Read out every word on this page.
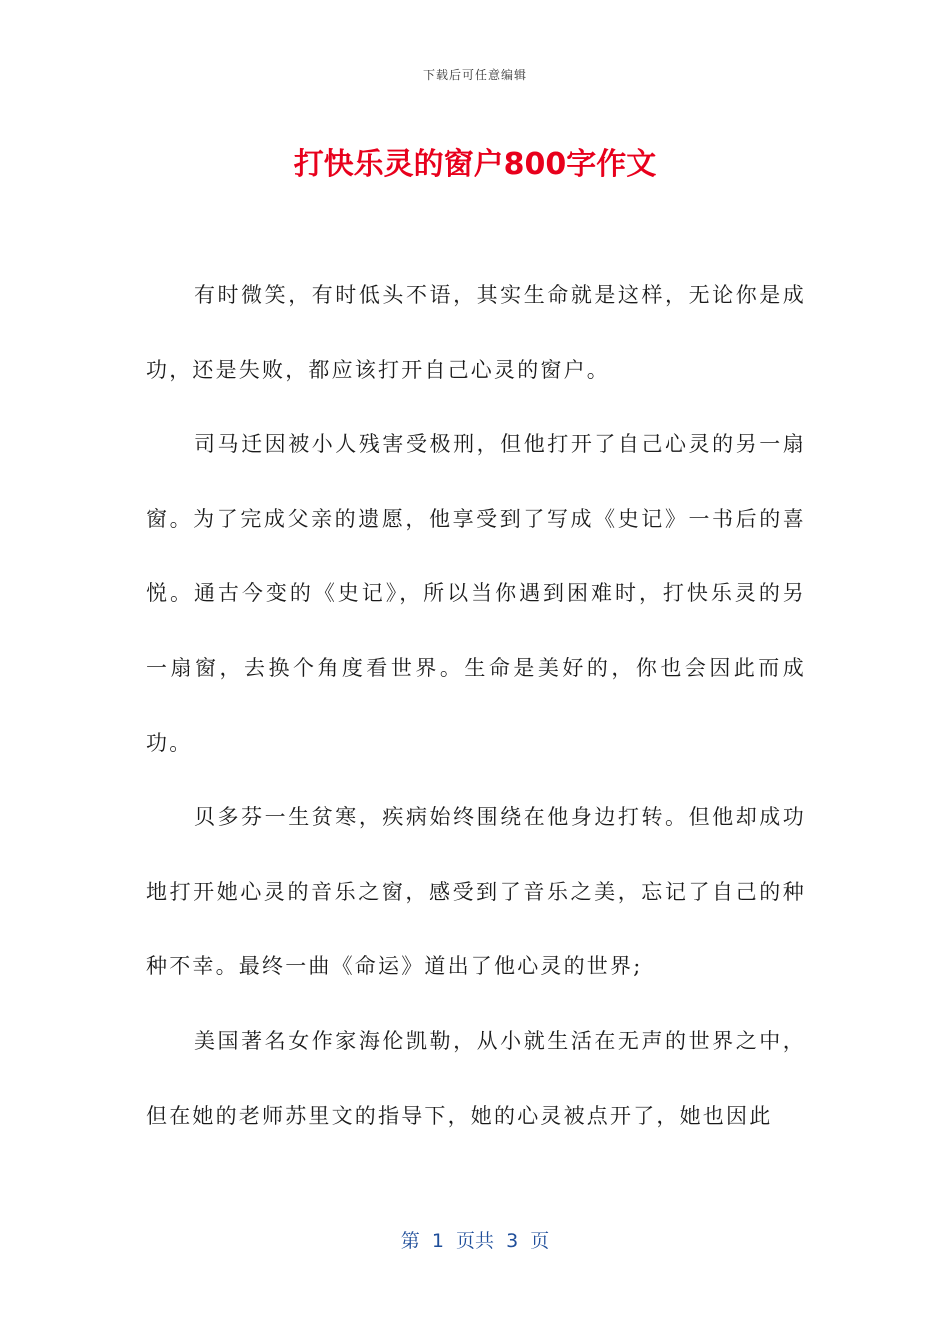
下载后可任意编辑
打快乐灵的窗户800字作文

有时微笑，有时低头不语，其实生命就是这样，无论你是成功，还是失败，都应该打开自己心灵的窗户。

司马迁因被小人残害受极刑，但他打开了自己心灵的另一扇窗。为了完成父亲的遗愿，他享受到了写成《史记》一书后的喜悦。通古今变的《史记》，所以当你遇到困难时，打快乐灵的另一扇窗，去换个角度看世界。生命是美好的，你也会因此而成功。

贝多芬一生贫寒，疾病始终围绕在他身边打转。但他却成功地打开她心灵的音乐之窗，感受到了音乐之美，忘记了自己的种种不幸。最终一曲《命运》道出了他心灵的世界;

美国著名女作家海伦凯勒，从小就生活在无声的世界之中，但在她的老师苏里文的指导下，她的心灵被点开了，她也因此

第  1  页共  3  页
